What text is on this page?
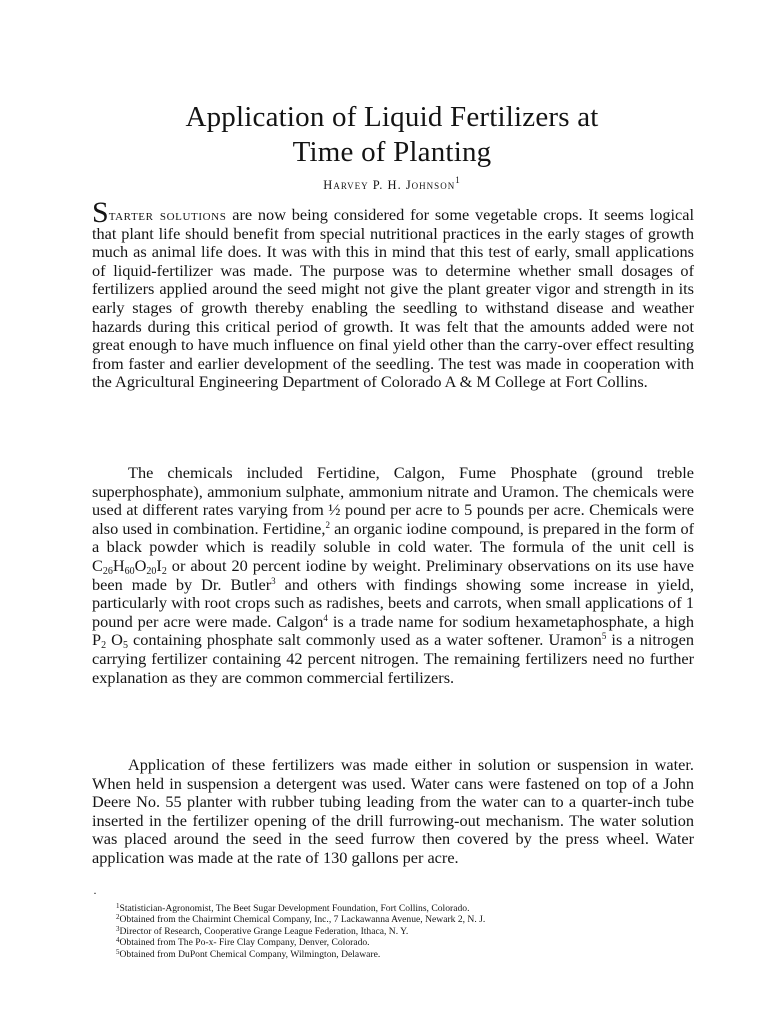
Application of Liquid Fertilizers at
Time of Planting

Harvey P. H. Johnson$^1$

Starter solutions are now being considered for some vegetable crops. It seems logical that plant life should benefit from special nutritional practices in the early stages of growth much as animal life does. It was with this in mind that this test of early, small applications of liquid-fertilizer was made. The purpose was to determine whether small dosages of fertilizers applied around the seed might not give the plant greater vigor and strength in its early stages of growth thereby enabling the seedling to withstand disease and weather hazards during this critical period of growth. It was felt that the amounts added were not great enough to have much influence on final yield other than the carry-over effect resulting from faster and earlier development of the seedling. The test was made in cooperation with the Agricultural Engineering Department of Colorado A & M College at Fort Collins.

The chemicals included Fertidine, Calgon, Fume Phosphate (ground treble superphosphate), ammonium sulphate, ammonium nitrate and Uramon. The chemicals were used at different rates varying from ½ pound per acre to 5 pounds per acre. Chemicals were also used in combination. Fertidine,$^2$ an organic iodine compound, is prepared in the form of a black powder which is readily soluble in cold water. The formula of the unit cell is $C_{26}H_{60}O_{20}I_2$ or about 20 percent iodine by weight. Preliminary observations on its use have been made by Dr. Butler$^3$ and others with findings showing some increase in yield, particularly with root crops such as radishes, beets and carrots, when small applications of 1 pound per acre were made. Calgon$^4$ is a trade name for sodium hexametaphosphate, a high $P_2$ $O_5$ containing phosphate salt commonly used as a water softener. Uramon$^5$ is a nitrogen carrying fertilizer containing 42 percent nitrogen. The remaining fertilizers need no further explanation as they are common commercial fertilizers.

Application of these fertilizers was made either in solution or suspension in water. When held in suspension a detergent was used. Water cans were fastened on top of a John Deere No. 55 planter with rubber tubing leading from the water can to a quarter-inch tube inserted in the fertilizer opening of the drill furrowing-out mechanism. The water solution was placed around the seed in the seed furrow then covered by the press wheel. Water application was made at the rate of 130 gallons per acre.

·

$^1$Statistician-Agronomist, The Beet Sugar Development Foundation, Fort Collins, Colorado.
$^2$Obtained from the Chairmint Chemical Company, Inc., 7 Lackawanna Avenue, Newark 2, N. J.
$^3$Director of Research, Cooperative Grange League Federation, Ithaca, N. Y.
$^4$Obtained from The Po-x- Fire Clay Company, Denver, Colorado.
$^5$Obtained from DuPont Chemical Company, Wilmington, Delaware.
